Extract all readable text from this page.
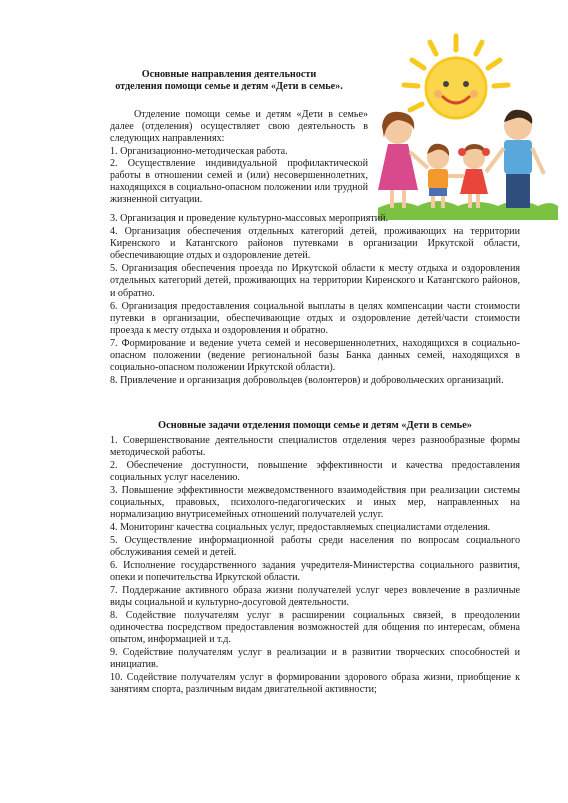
Основные направления деятельности
отделения помощи семье и детям «Дети в семье».

Отделение помощи семье и детям «Дети в семье» далее (отделения) осуществляет свою деятельность в следующих направлениях:

1. Организационно-методическая работа.

2. Осуществление индивидуальной профилактической работы в отношении семей и (или) несовершеннолетних, находящихся в социально-опасном положении или трудной жизненной ситуации.

3. Организация и проведение культурно-массовых мероприятий.

4. Организация обеспечения отдельных категорий детей, проживающих на территории Киренского и Катангского районов путевками в организации Иркутской области, обеспечивающие отдых и оздоровление детей.

5. Организация обеспечения проезда по Иркутской области к месту отдыха и оздоровления отдельных категорий детей, проживающих на территории Киренского и Катангского районов, и обратно.

6. Организация предоставления социальной выплаты в целях компенсации части стоимости путевки в организации, обеспечивающие отдых и оздоровление детей/части стоимости проезда к месту отдыха и оздоровления и обратно.

7. Формирование и ведение учета семей и несовершеннолетних, находящихся в социально-опасном положении (ведение региональной базы Банка данных семей, находящихся в социально-опасном положении Иркутской области).

8. Привлечение и организация добровольцев (волонтеров) и добровольческих организаций.

Основные задачи отделения помощи семье и детям «Дети в семье»

1. Совершенствование деятельности специалистов отделения через разнообразные формы методической работы.

2. Обеспечение доступности, повышение эффективности и качества предоставления социальных услуг населению.

3. Повышение эффективности межведомственного взаимодействия при реализации системы социальных, правовых, психолого-педагогических и иных мер, направленных на нормализацию внутрисемейных отношений получателей услуг.

4. Мониторинг качества социальных услуг, предоставляемых специалистами отделения.

5. Осуществление информационной работы среди населения по вопросам социального обслуживания семей и детей.

6. Исполнение государственного задания учредителя-Министерства социального развития, опеки и попечительства Иркутской области.

7. Поддержание активного образа жизни получателей услуг через вовлечение в различные виды социальной и культурно-досуговой деятельности.

8. Содействие получателям услуг в расширении социальных связей, в преодолении одиночества посредством предоставления возможностей для общения по интересам, обмена опытом, информацией и т.д.

9. Содействие получателям услуг в реализации и в развитии творческих способностей и инициатив.

10. Содействие получателям услуг в формировании здорового образа жизни, приобщение к занятиям спорта, различным видам двигательной активности;
